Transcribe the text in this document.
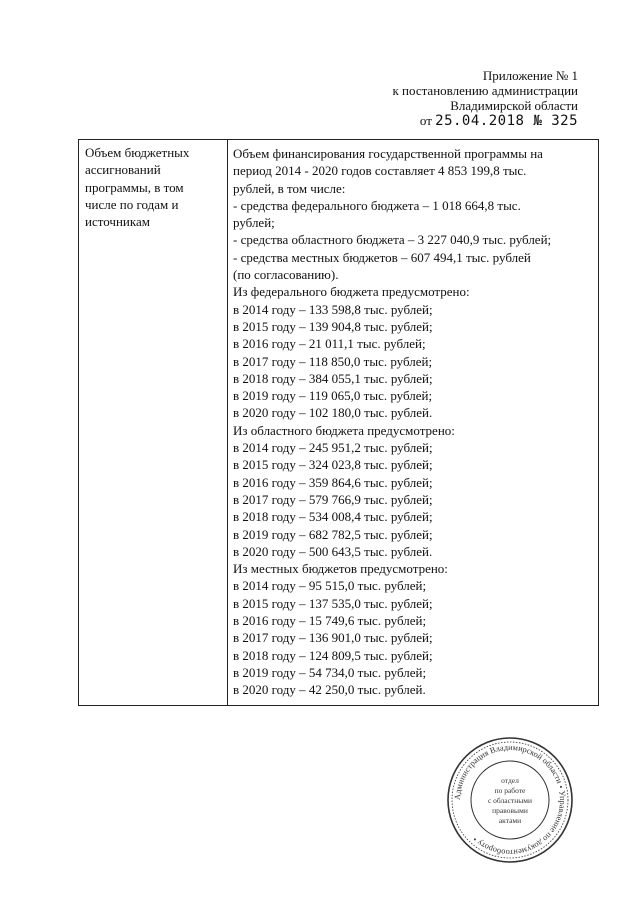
Приложение № 1
к постановлению администрации
Владимирской области
от 25.04.2018 № 325
Объем бюджетных
ассигнований
программы, в том
числе по годам и
источникам
Объем финансирования государственной программы на
период 2014 - 2020 годов составляет 4 853 199,8 тыс.
рублей, в том числе:
- средства федерального бюджета – 1 018 664,8 тыс.
рублей;
- средства областного бюджета – 3 227 040,9 тыс. рублей;
- средства местных бюджетов – 607 494,1 тыс. рублей
(по согласованию).
Из федерального бюджета предусмотрено:
в 2014 году – 133 598,8 тыс. рублей;
в 2015 году – 139 904,8 тыс. рублей;
в 2016 году – 21 011,1 тыс. рублей;
в 2017 году – 118 850,0 тыс. рублей;
в 2018 году – 384 055,1 тыс. рублей;
в 2019 году – 119 065,0 тыс. рублей;
в 2020 году – 102 180,0 тыс. рублей.
Из областного бюджета предусмотрено:
в 2014 году – 245 951,2 тыс. рублей;
в 2015 году – 324 023,8 тыс. рублей;
в 2016 году – 359 864,6 тыс. рублей;
в 2017 году – 579 766,9 тыс. рублей;
в 2018 году – 534 008,4 тыс. рублей;
в 2019 году – 682 782,5 тыс. рублей;
в 2020 году – 500 643,5 тыс. рублей.
Из местных бюджетов предусмотрено:
в 2014 году – 95 515,0 тыс. рублей;
в 2015 году – 137 535,0 тыс. рублей;
в 2016 году – 15 749,6 тыс. рублей;
в 2017 году – 136 901,0 тыс. рублей;
в 2018 году – 124 809,5 тыс. рублей;
в 2019 году – 54 734,0 тыс. рублей;
в 2020 году – 42 250,0 тыс. рублей.
Администрация Владимирской области • Управление по документообороту •
отдел
по работе
с областными
правовыми
актами
